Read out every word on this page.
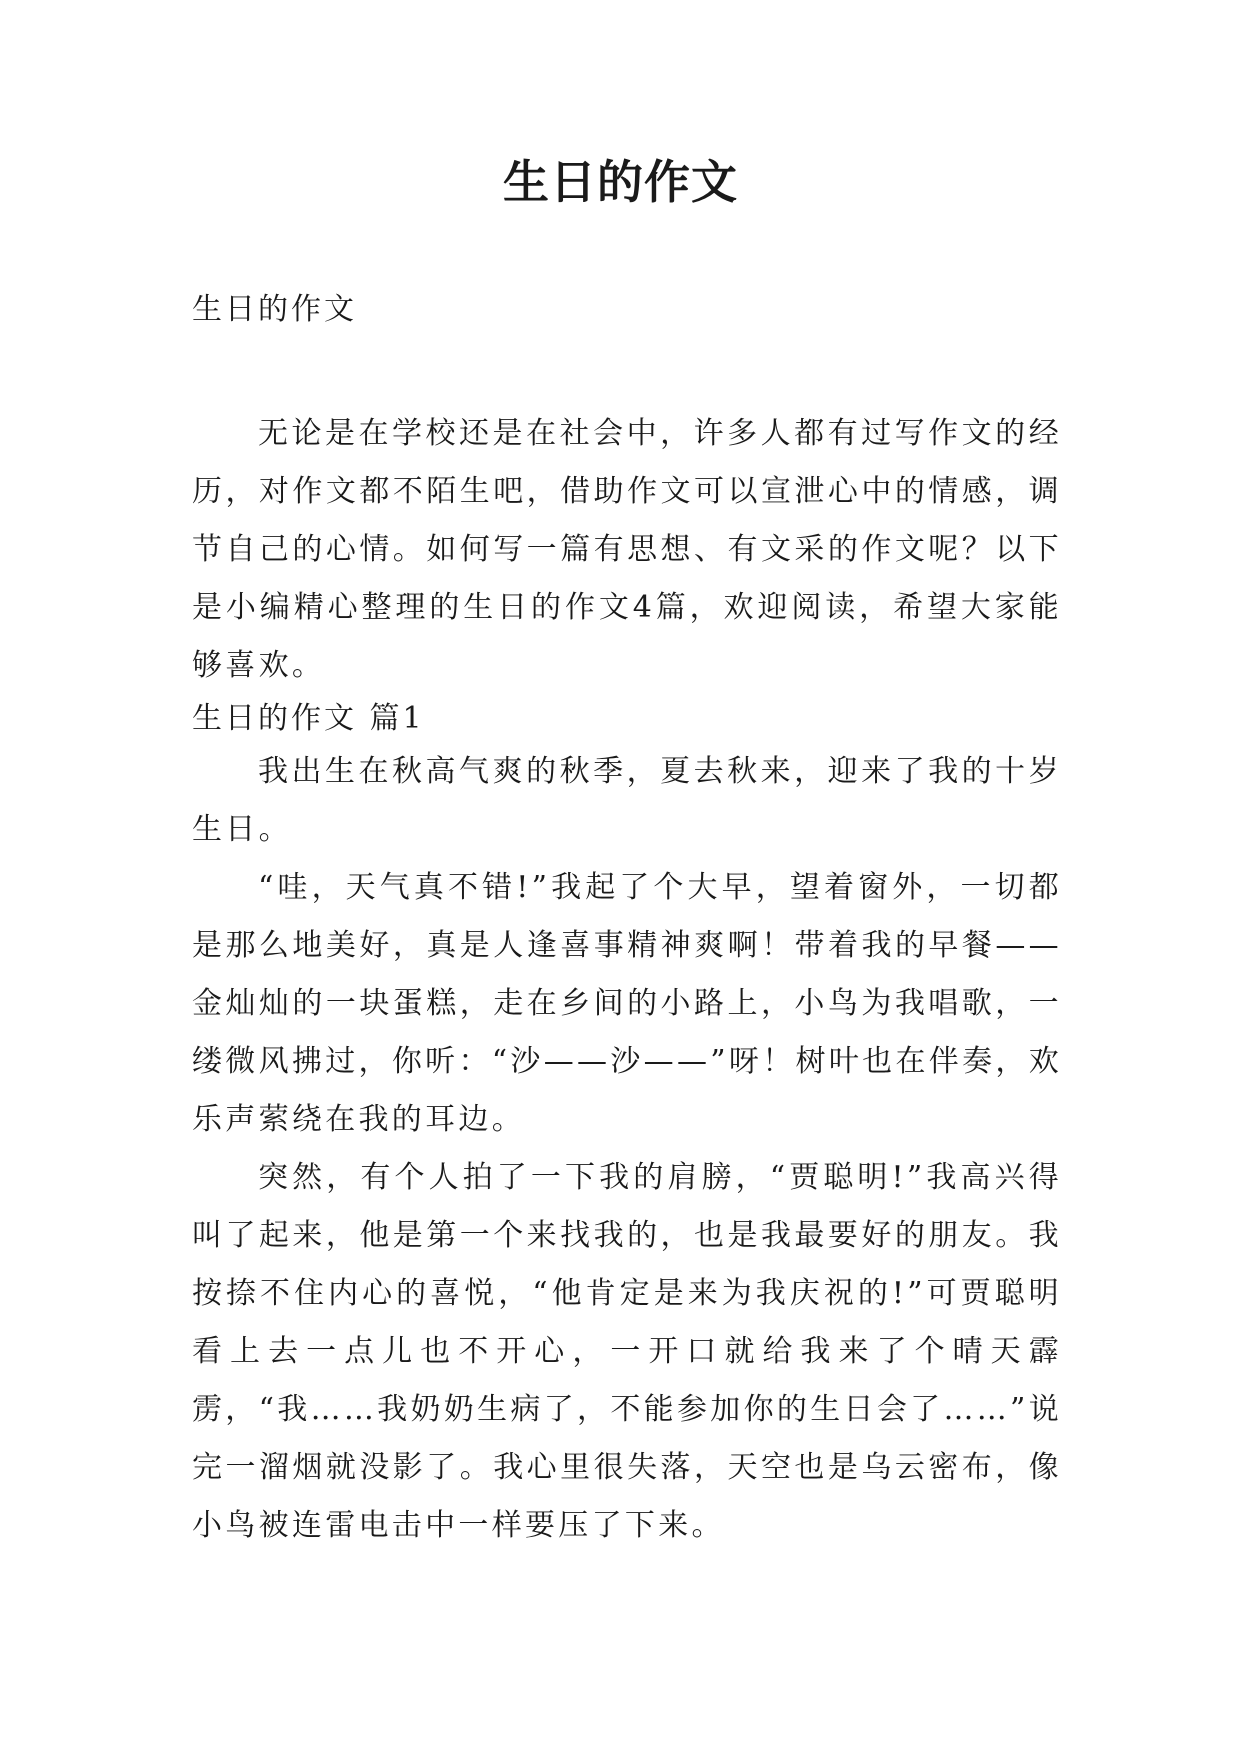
生日的作文

生日的作文

无论是在学校还是在社会中，许多人都有过写作文的经历，对作文都不陌生吧，借助作文可以宣泄心中的情感，调节自己的心情。如何写一篇有思想、有文采的作文呢？以下是小编精心整理的生日的作文4篇，欢迎阅读，希望大家能够喜欢。

生日的作文 篇1

我出生在秋高气爽的秋季，夏去秋来，迎来了我的十岁生日。

“哇，天气真不错!”我起了个大早，望着窗外，一切都是那么地美好，真是人逢喜事精神爽啊！带着我的早餐——金灿灿的一块蛋糕，走在乡间的小路上，小鸟为我唱歌，一缕微风拂过，你听：“沙——沙——”呀！树叶也在伴奏，欢乐声萦绕在我的耳边。

突然，有个人拍了一下我的肩膀，“贾聪明!”我高兴得叫了起来，他是第一个来找我的，也是我最要好的朋友。我按捺不住内心的喜悦，“他肯定是来为我庆祝的!”可贾聪明看上去一点儿也不开心，一开口就给我来了个晴天霹雳，“我……我奶奶生病了，不能参加你的生日会了……”说完一溜烟就没影了。我心里很失落，天空也是乌云密布，像小鸟被连雷电击中一样要压了下来。
